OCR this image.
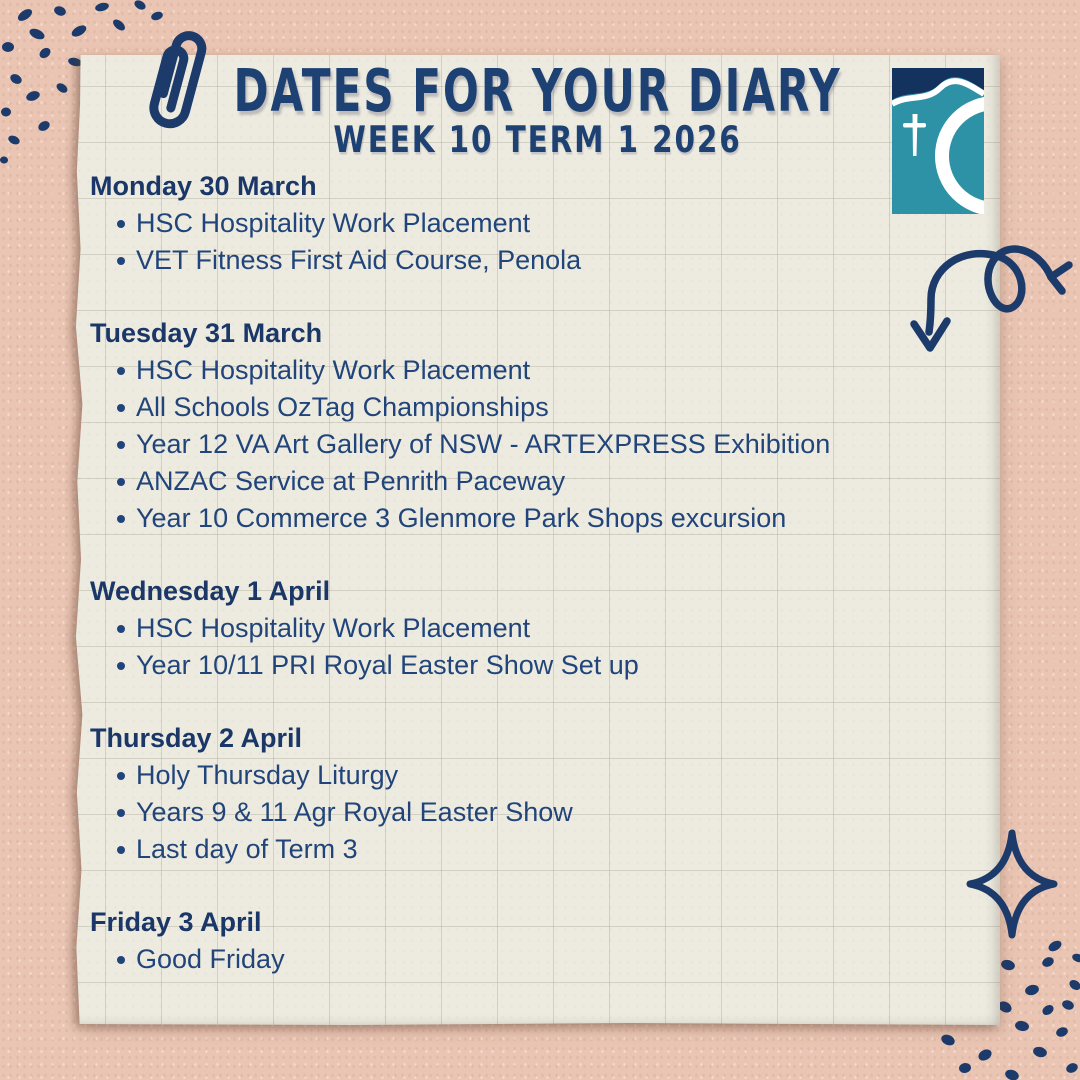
DATES FOR YOUR DIARY
WEEK 10 TERM 1 2026
Monday 30 March
HSC Hospitality Work Placement
VET Fitness First Aid Course, Penola
Tuesday 31 March
HSC Hospitality Work Placement
All Schools OzTag Championships
Year 12 VA Art Gallery of NSW - ARTEXPRESS Exhibition
ANZAC Service at Penrith Paceway
Year 10 Commerce 3 Glenmore Park Shops excursion
Wednesday 1 April
HSC Hospitality Work Placement
Year 10/11 PRI Royal Easter Show Set up
Thursday 2 April
Holy Thursday Liturgy
Years 9 & 11 Agr Royal Easter Show
Last day of Term 3
Friday 3 April
Good Friday
